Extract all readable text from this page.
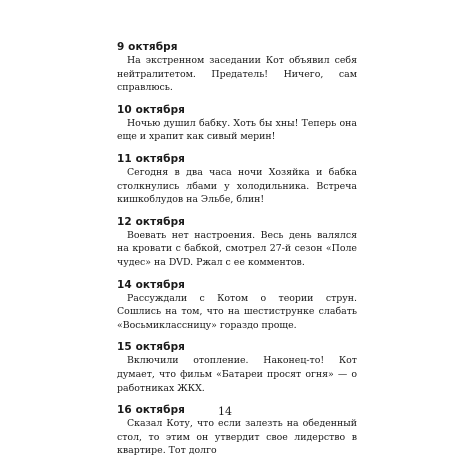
9 октября

На экстренном заседании Кот объявил себя нейтралитетом. Предатель! Ничего, сам справлюсь.

10 октября

Ночью душил бабку. Хоть бы хны! Теперь она еще и храпит как сивый мерин!

11 октября

Сегодня в два часа ночи Хозяйка и бабка столкнулись лбами у холодильника. Встреча кишкоблудов на Эльбе, блин!

12 октября

Воевать нет настроения. Весь день валялся на кровати с бабкой, смотрел 27-й сезон «Поле чудес» на DVD. Ржал с ее комментов.

14 октября

Рассуждали с Котом о теории струн. Сошлись на том, что на шестиструнке слабать «Восьмиклассницу» гораздо проще.

15 октября

Включили отопление. Наконец-то! Кот думает, что фильм «Батареи просят огня» — о работниках ЖКХ.

16 октября

Сказал Коту, что если залезть на обеденный стол, то этим он утвердит свое лидерство в квартире. Тот долго

14
